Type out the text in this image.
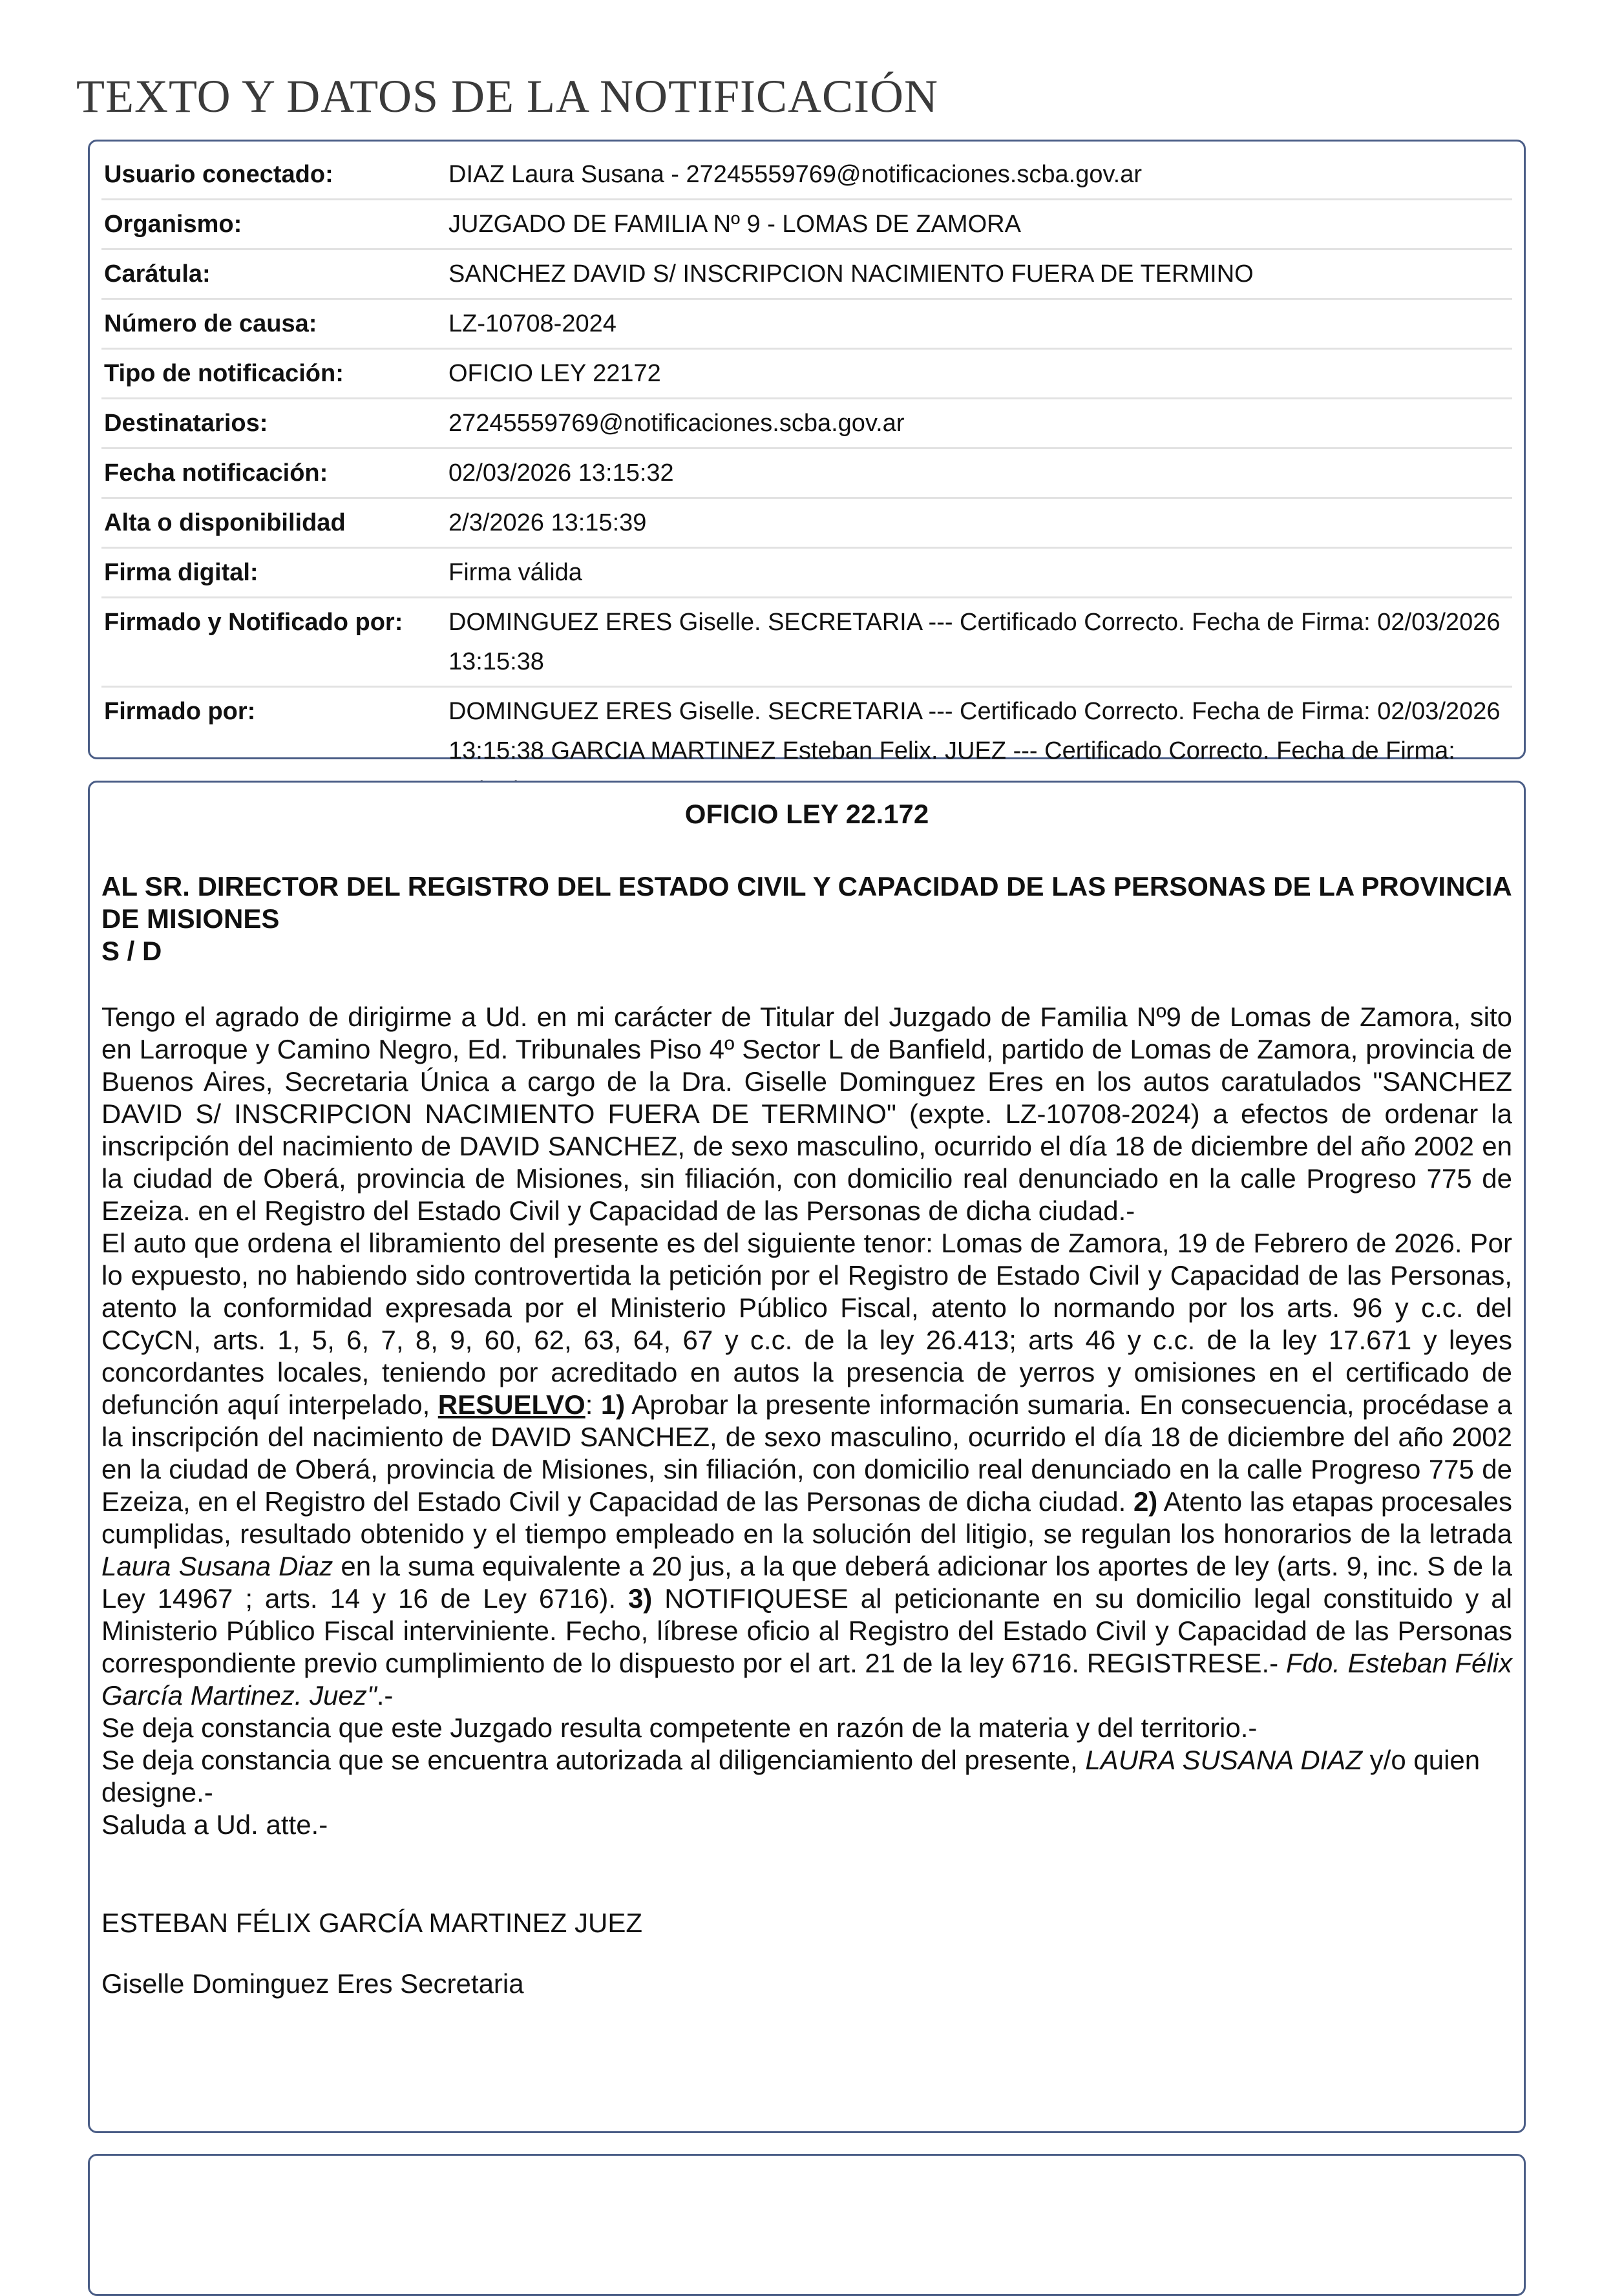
TEXTO Y DATOS DE LA NOTIFICACIÓN
Usuario conectado:	DIAZ Laura Susana - 27245559769@notificaciones.scba.gov.ar
Organismo:	JUZGADO DE FAMILIA Nº 9 - LOMAS DE ZAMORA
Carátula:	SANCHEZ DAVID S/ INSCRIPCION NACIMIENTO FUERA DE TERMINO
Número de causa:	LZ-10708-2024
Tipo de notificación:	OFICIO LEY 22172
Destinatarios:	27245559769@notificaciones.scba.gov.ar
Fecha notificación:	02/03/2026 13:15:32
Alta o disponibilidad	2/3/2026 13:15:39
Firma digital:	Firma válida
Firmado y Notificado por:	DOMINGUEZ ERES Giselle. SECRETARIA --- Certificado Correcto. Fecha de Firma: 02/03/2026 13:15:38
Firmado por:	DOMINGUEZ ERES Giselle. SECRETARIA --- Certificado Correcto. Fecha de Firma: 02/03/2026 13:15:38 GARCIA MARTINEZ Esteban Felix. JUEZ --- Certificado Correcto. Fecha de Firma:
OFICIO LEY 22.172
AL SR. DIRECTOR DEL REGISTRO DEL ESTADO CIVIL Y CAPACIDAD DE LAS PERSONAS DE LA PROVINCIA DE MISIONES
S / D

Tengo el agrado de dirigirme a Ud. en mi carácter de Titular del Juzgado de Familia Nº9 de Lomas de Zamora, sito en Larroque y Camino Negro, Ed. Tribunales Piso 4º Sector L de Banfield, partido de Lomas de Zamora, provincia de Buenos Aires, Secretaria Única a cargo de la Dra. Giselle Dominguez Eres en los autos caratulados "SANCHEZ DAVID S/ INSCRIPCION NACIMIENTO FUERA DE TERMINO" (expte. LZ-10708-2024) a efectos de ordenar la inscripción del nacimiento de DAVID SANCHEZ, de sexo masculino, ocurrido el día 18 de diciembre del año 2002 en la ciudad de Oberá, provincia de Misiones, sin filiación, con domicilio real denunciado en la calle Progreso 775 de Ezeiza. en el Registro del Estado Civil y Capacidad de las Personas de dicha ciudad.-

El auto que ordena el libramiento del presente es del siguiente tenor: Lomas de Zamora, 19 de Febrero de 2026. Por lo expuesto, no habiendo sido controvertida la petición por el Registro de Estado Civil y Capacidad de las Personas, atento la conformidad expresada por el Ministerio Público Fiscal, atento lo normando por los arts. 96 y c.c. del CCyCN, arts. 1, 5, 6, 7, 8, 9, 60, 62, 63, 64, 67 y c.c. de la ley 26.413; arts 46 y c.c. de la ley 17.671 y leyes concordantes locales, teniendo por acreditado en autos la presencia de yerros y omisiones en el certificado de defunción aquí interpelado, RESUELVO: 1) Aprobar la presente información sumaria. En consecuencia, procédase a la inscripción del nacimiento de DAVID SANCHEZ, de sexo masculino, ocurrido el día 18 de diciembre del año 2002 en la ciudad de Oberá, provincia de Misiones, sin filiación, con domicilio real denunciado en la calle Progreso 775 de Ezeiza, en el Registro del Estado Civil y Capacidad de las Personas de dicha ciudad. 2) Atento las etapas procesales cumplidas, resultado obtenido y el tiempo empleado en la solución del litigio, se regulan los honorarios de la letrada Laura Susana Diaz en la suma equivalente a 20 jus, a la que deberá adicionar los aportes de ley (arts. 9, inc. S de la Ley 14967 ; arts. 14 y 16 de Ley 6716). 3) NOTIFIQUESE al peticionante en su domicilio legal constituido y al Ministerio Público Fiscal interviniente. Fecho, líbrese oficio al Registro del Estado Civil y Capacidad de las Personas correspondiente previo cumplimiento de lo dispuesto por el art. 21 de la ley 6716. REGISTRESE.- Fdo. Esteban Félix García Martinez. Juez".-

Se deja constancia que este Juzgado resulta competente en razón de la materia y del territorio.-

Se deja constancia que se encuentra autorizada al diligenciamiento del presente, LAURA SUSANA DIAZ y/o quien designe.-

Saluda a Ud. atte.-

ESTEBAN FÉLIX GARCÍA MARTINEZ JUEZ

Giselle Dominguez Eres Secretaria
